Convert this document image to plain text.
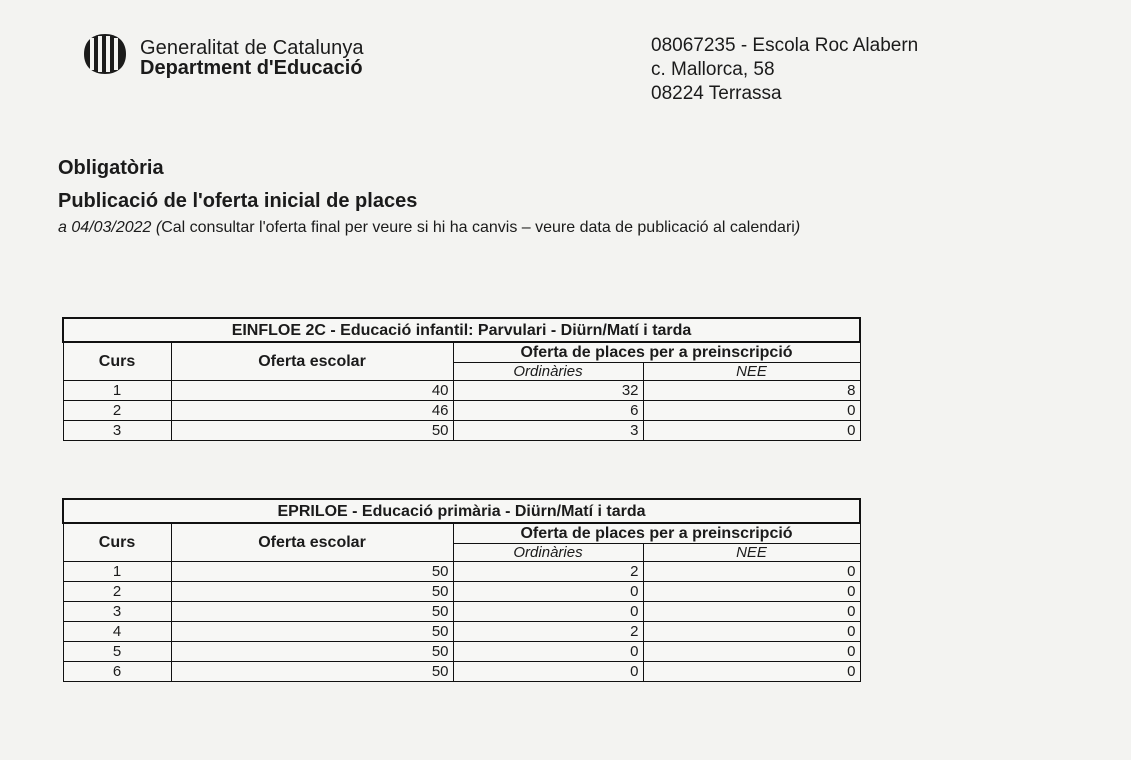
Generalitat de Catalunya
Department d'Educació
08067235 - Escola Roc Alabern
c. Mallorca, 58
08224 Terrassa
Obligatòria
Publicació de l'oferta inicial de places
a 04/03/2022 (Cal consultar l'oferta final per veure si hi ha canvis – veure data de publicació al calendari)
EINFLOE 2C - Educació infantil: Parvulari - Diürn/Matí i tarda			
Curs	Oferta escolar	Oferta de places per a preinscripció	
		Ordinàries	NEE
1	40	32	8
2	46	6	0
3	50	3	0
EPRILOE - Educació primària - Diürn/Matí i tarda			
Curs	Oferta escolar	Oferta de places per a preinscripció	
		Ordinàries	NEE
1	50	2	0
2	50	0	0
3	50	0	0
4	50	2	0
5	50	0	0
6	50	0	0
